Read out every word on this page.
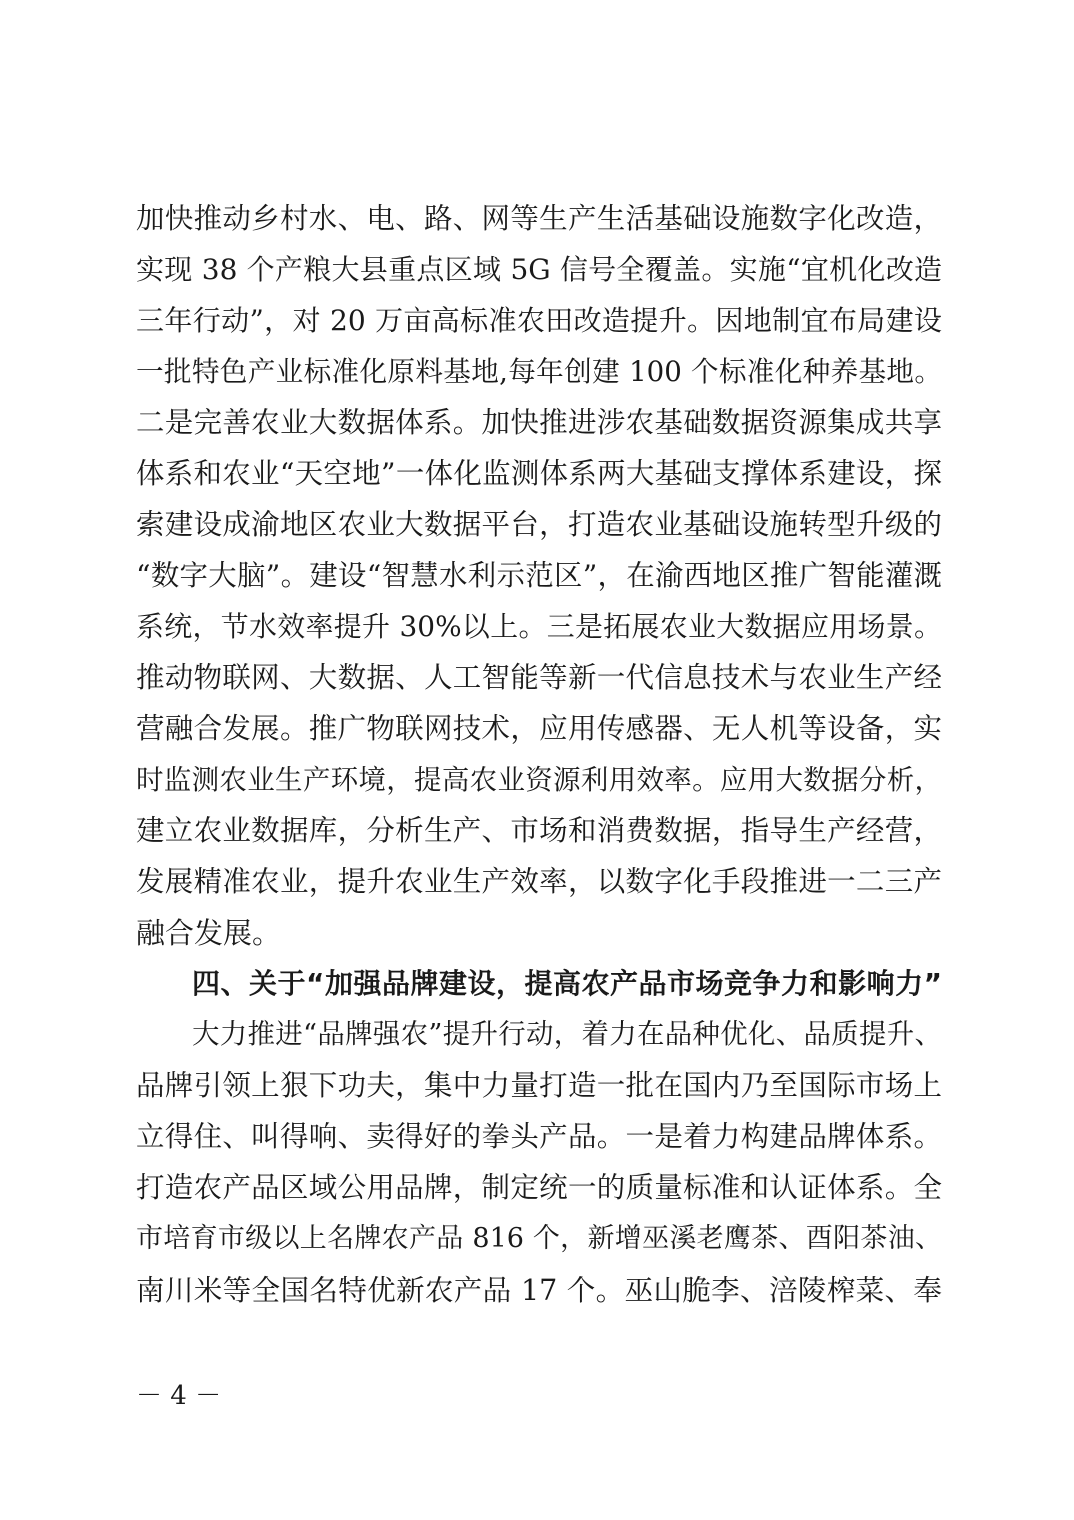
加快推动乡村水、电、路、网等生产生活基础设施数字化改造，
实现 38 个产粮大县重点区域 5G 信号全覆盖。实施“宜机化改造
三年行动”，对 20 万亩高标准农田改造提升。因地制宜布局建设
一批特色产业标准化原料基地,每年创建 100 个标准化种养基地。
二是完善农业大数据体系。加快推进涉农基础数据资源集成共享
体系和农业“天空地”一体化监测体系两大基础支撑体系建设，探
索建设成渝地区农业大数据平台，打造农业基础设施转型升级的
“数字大脑”。建设“智慧水利示范区”，在渝西地区推广智能灌溉
系统，节水效率提升 30%以上。三是拓展农业大数据应用场景。
推动物联网、大数据、人工智能等新一代信息技术与农业生产经
营融合发展。推广物联网技术，应用传感器、无人机等设备，实
时监测农业生产环境，提高农业资源利用效率。应用大数据分析，
建立农业数据库，分析生产、市场和消费数据，指导生产经营，
发展精准农业，提升农业生产效率，以数字化手段推进一二三产
融合发展。
四、关于“加强品牌建设，提高农产品市场竞争力和影响力”
大力推进“品牌强农”提升行动，着力在品种优化、品质提升、
品牌引领上狠下功夫，集中力量打造一批在国内乃至国际市场上
立得住、叫得响、卖得好的拳头产品。一是着力构建品牌体系。
打造农产品区域公用品牌，制定统一的质量标准和认证体系。全
市培育市级以上名牌农产品 816 个，新增巫溪老鹰茶、酉阳茶油、
南川米等全国名特优新农产品 17 个。巫山脆李、涪陵榨菜、奉
－ 4 －
